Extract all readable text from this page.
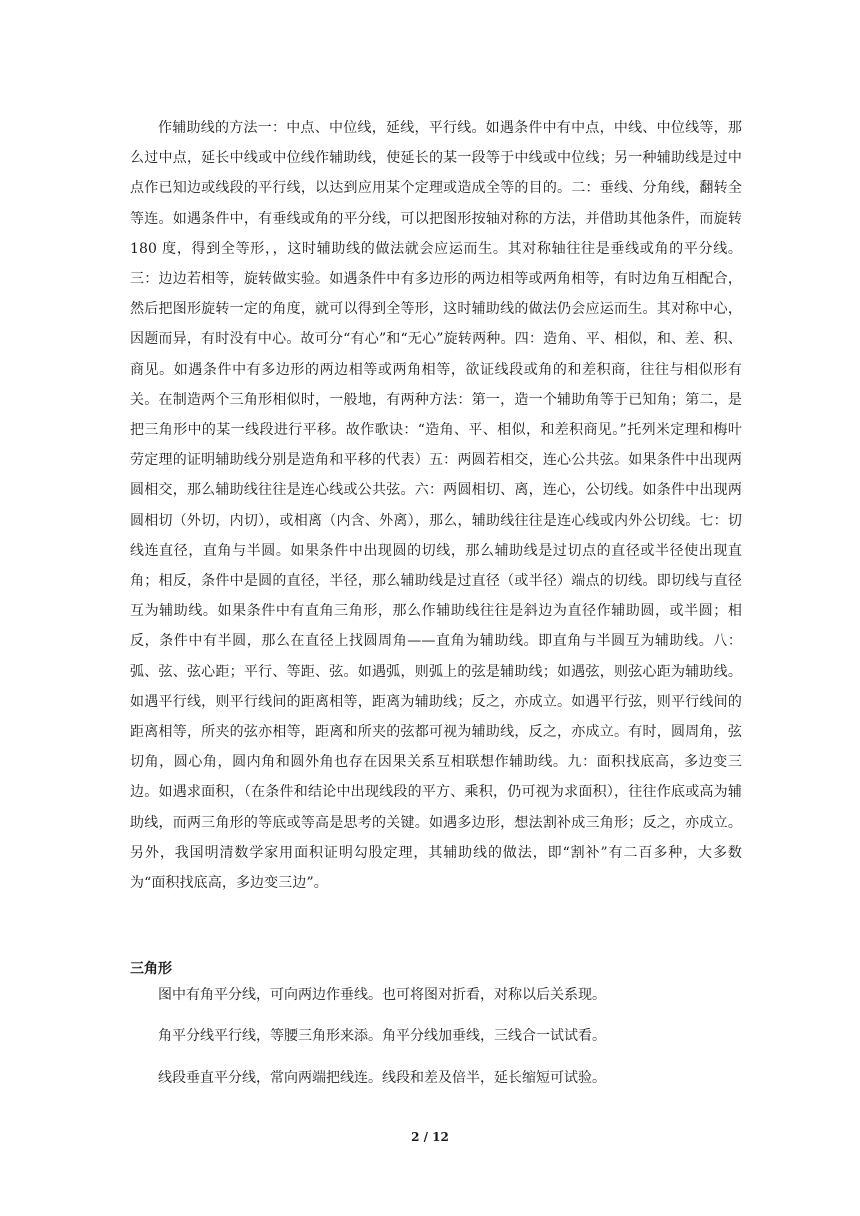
作辅助线的方法一：中点、中位线，延线，平行线。如遇条件中有中点，中线、中位线等，那么过中点，延长中线或中位线作辅助线，使延长的某一段等于中线或中位线；另一种辅助线是过中点作已知边或线段的平行线，以达到应用某个定理或造成全等的目的。二：垂线、分角线，翻转全等连。如遇条件中，有垂线或角的平分线，可以把图形按轴对称的方法，并借助其他条件，而旋转 180 度，得到全等形，，这时辅助线的做法就会应运而生。其对称轴往往是垂线或角的平分线。三：边边若相等，旋转做实验。如遇条件中有多边形的两边相等或两角相等，有时边角互相配合，然后把图形旋转一定的角度，就可以得到全等形，这时辅助线的做法仍会应运而生。其对称中心，因题而异，有时没有中心。故可分“有心”和“无心”旋转两种。四：造角、平、相似，和、差、积、商见。如遇条件中有多边形的两边相等或两角相等，欲证线段或角的和差积商，往往与相似形有关。在制造两个三角形相似时，一般地，有两种方法：第一，造一个辅助角等于已知角；第二，是把三角形中的某一线段进行平移。故作歌诀：“造角、平、相似，和差积商见。”托列米定理和梅叶劳定理的证明辅助线分别是造角和平移的代表）五：两圆若相交，连心公共弦。如果条件中出现两圆相交，那么辅助线往往是连心线或公共弦。六：两圆相切、离，连心，公切线。如条件中出现两圆相切（外切，内切），或相离（内含、外离），那么，辅助线往往是连心线或内外公切线。七：切线连直径，直角与半圆。如果条件中出现圆的切线，那么辅助线是过切点的直径或半径使出现直角；相反，条件中是圆的直径，半径，那么辅助线是过直径（或半径）端点的切线。即切线与直径互为辅助线。如果条件中有直角三角形，那么作辅助线往往是斜边为直径作辅助圆，或半圆；相反，条件中有半圆，那么在直径上找圆周角——直角为辅助线。即直角与半圆互为辅助线。八：弧、弦、弦心距；平行、等距、弦。如遇弧，则弧上的弦是辅助线；如遇弦，则弦心距为辅助线。如遇平行线，则平行线间的距离相等，距离为辅助线；反之，亦成立。如遇平行弦，则平行线间的距离相等，所夹的弦亦相等，距离和所夹的弦都可视为辅助线，反之，亦成立。有时，圆周角，弦切角，圆心角，圆内角和圆外角也存在因果关系互相联想作辅助线。九：面积找底高，多边变三边。如遇求面积，（在条件和结论中出现线段的平方、乘积，仍可视为求面积），往往作底或高为辅助线，而两三角形的等底或等高是思考的关键。如遇多边形，想法割补成三角形；反之，亦成立。另外，我国明清数学家用面积证明勾股定理，其辅助线的做法，即“割补”有二百多种，大多数为“面积找底高，多边变三边”。

三角形

图中有角平分线，可向两边作垂线。也可将图对折看，对称以后关系现。

角平分线平行线，等腰三角形来添。角平分线加垂线，三线合一试试看。

线段垂直平分线，常向两端把线连。线段和差及倍半，延长缩短可试验。

2 / 12
